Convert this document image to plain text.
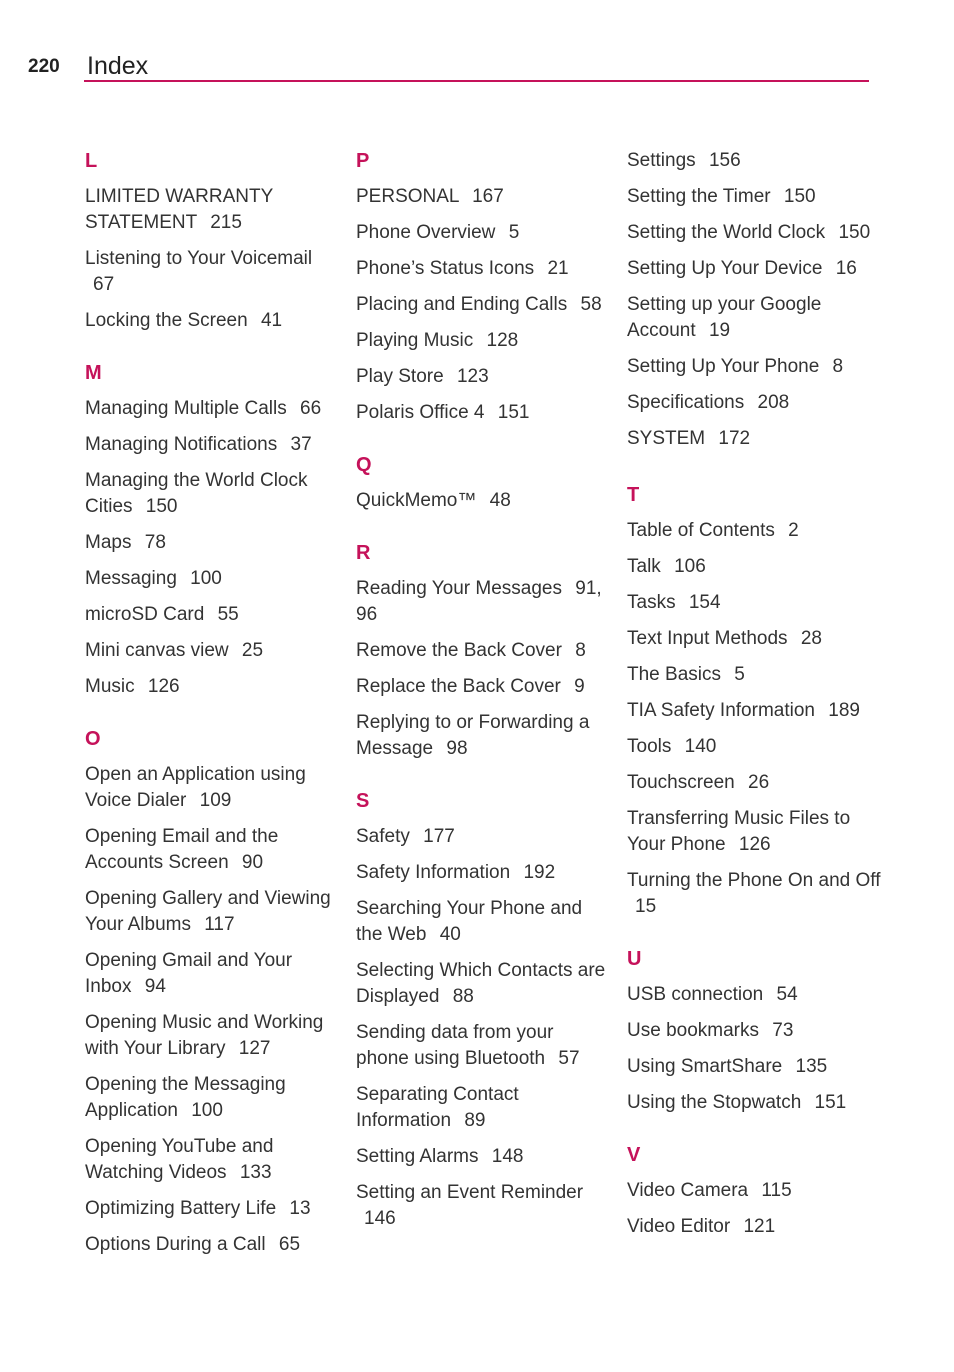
220 Index
L
LIMITED WARRANTY STATEMENT 215
Listening to Your Voicemail 67
Locking the Screen 41
M
Managing Multiple Calls 66
Managing Notifications 37
Managing the World Clock Cities 150
Maps 78
Messaging 100
microSD Card 55
Mini canvas view 25
Music 126
O
Open an Application using Voice Dialer 109
Opening Email and the Accounts Screen 90
Opening Gallery and Viewing Your Albums 117
Opening Gmail and Your Inbox 94
Opening Music and Working with Your Library 127
Opening the Messaging Application 100
Opening YouTube and Watching Videos 133
Optimizing Battery Life 13
Options During a Call 65
P
PERSONAL 167
Phone Overview 5
Phone’s Status Icons 21
Placing and Ending Calls 58
Playing Music 128
Play Store 123
Polaris Office 4 151
Q
QuickMemo™ 48
R
Reading Your Messages 91, 96
Remove the Back Cover 8
Replace the Back Cover 9
Replying to or Forwarding a Message 98
S
Safety 177
Safety Information 192
Searching Your Phone and the Web 40
Selecting Which Contacts are Displayed 88
Sending data from your phone using Bluetooth 57
Separating Contact Information 89
Setting Alarms 148
Setting an Event Reminder 146
Settings 156
Setting the Timer 150
Setting the World Clock 150
Setting Up Your Device 16
Setting up your Google Account 19
Setting Up Your Phone 8
Specifications 208
SYSTEM 172
T
Table of Contents 2
Talk 106
Tasks 154
Text Input Methods 28
The Basics 5
TIA Safety Information 189
Tools 140
Touchscreen 26
Transferring Music Files to Your Phone 126
Turning the Phone On and Off 15
U
USB connection 54
Use bookmarks 73
Using SmartShare 135
Using the Stopwatch 151
V
Video Camera 115
Video Editor 121
